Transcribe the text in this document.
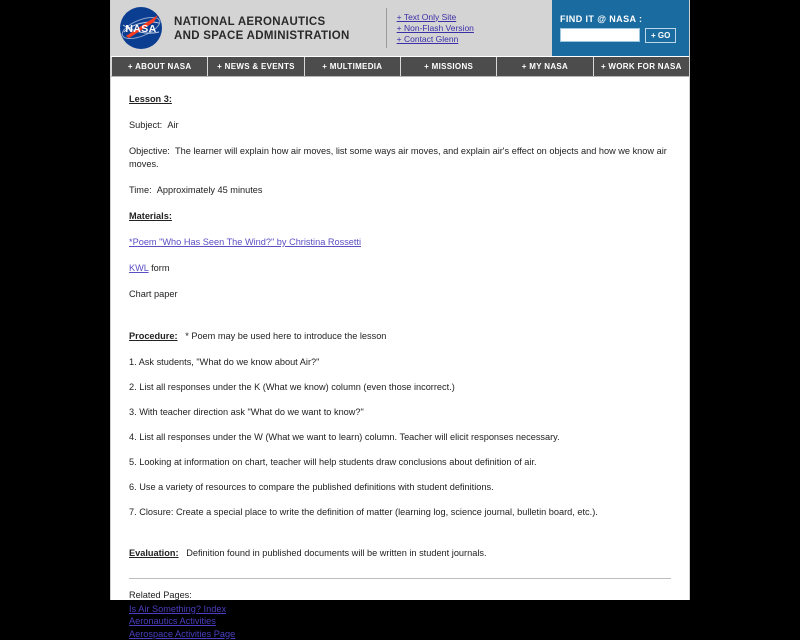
NASA
NATIONAL AERONAUTICS
AND SPACE ADMINISTRATION
+ Text Only Site
+ Non-Flash Version
+ Contact Glenn
FIND IT @ NASA :
+ GO
+ ABOUT NASA	+ NEWS & EVENTS	+ MULTIMEDIA	+ MISSIONS	+ MY NASA	+ WORK FOR NASA
Lesson 3:
Subject: Air
Objective: The learner will explain how air moves, list some ways air moves, and explain air's effect on objects and how we know air moves.
Time: Approximately 45 minutes
Materials:
*Poem "Who Has Seen The Wind?" by Christina Rossetti
KWL form
Chart paper
Procedure: * Poem may be used here to introduce the lesson
1. Ask students, "What do we know about Air?"
2. List all responses under the K (What we know) column (even those incorrect.)
3. With teacher direction ask "What do we want to know?"
4. List all responses under the W (What we want to learn) column. Teacher will elicit responses necessary.
5. Looking at information on chart, teacher will help students draw conclusions about definition of air.
6. Use a variety of resources to compare the published definitions with student definitions.
7. Closure: Create a special place to write the definition of matter (learning log, science journal, bulletin board, etc.).
Evaluation: Definition found in published documents will be written in student journals.
Related Pages:
Is Air Something? Index
Aeronautics Activities
Aerospace Activities Page
